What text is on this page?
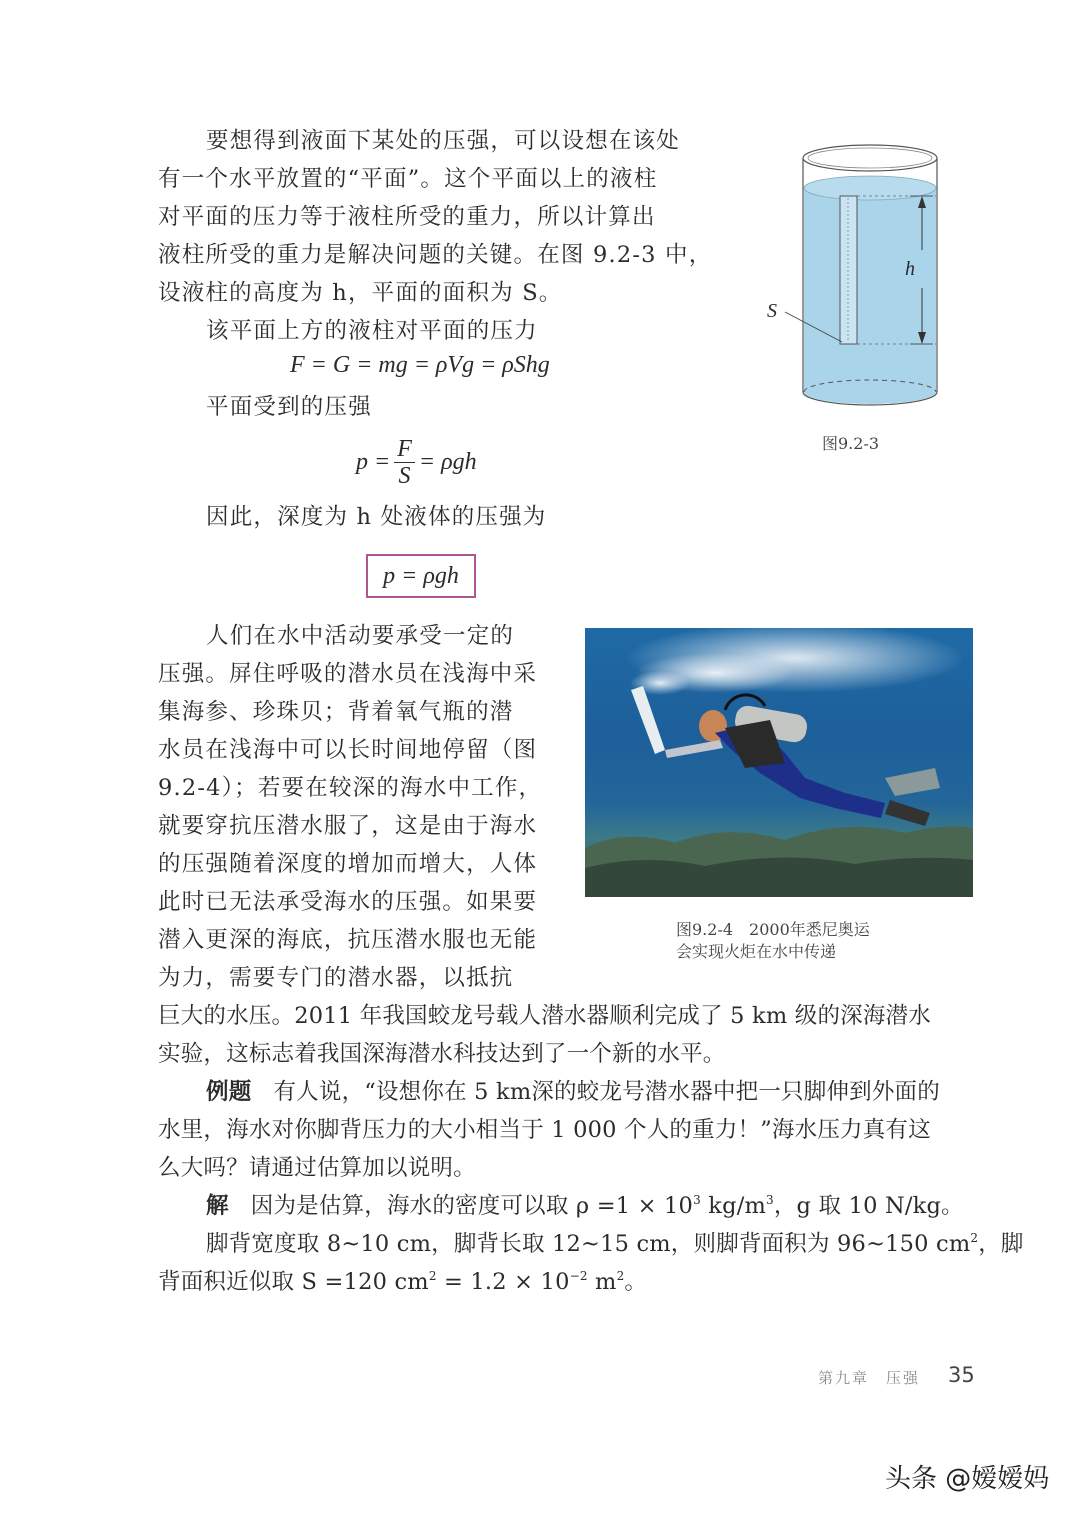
要想得到液面下某处的压强，可以设想在该处
有一个水平放置的“平面”。这个平面以上的液柱
对平面的压力等于液柱所受的重力，所以计算出
液柱所受的重力是解决问题的关键。在图 9.2-3 中，
设液柱的高度为 h，平面的面积为 S。
该平面上方的液柱对平面的压力
F = G = mg = ρVg = ρShg
平面受到的压强
$p = \frac{F}{S} = \rho gh$
因此，深度为 h 处液体的压强为
p = ρgh
h
S
图9.2-3
人们在水中活动要承受一定的
压强。屏住呼吸的潜水员在浅海中采
集海参、珍珠贝；背着氧气瓶的潜
水员在浅海中可以长时间地停留（图
9.2-4）；若要在较深的海水中工作，
就要穿抗压潜水服了，这是由于海水
的压强随着深度的增加而增大，人体
此时已无法承受海水的压强。如果要
潜入更深的海底，抗压潜水服也无能
为力，需要专门的潜水器，以抵抗
巨大的水压。2011 年我国蛟龙号载人潜水器顺利完成了 5 km 级的深海潜水
实验，这标志着我国深海潜水科技达到了一个新的水平。
图9.2-4　2000年悉尼奥运
会实现火炬在水中传递
例题 有人说，“设想你在 5 km深的蛟龙号潜水器中把一只脚伸到外面的
水里，海水对你脚背压力的大小相当于 1 000 个人的重力！”海水压力真有这
么大吗？请通过估算加以说明。
解 因为是估算，海水的密度可以取 $\rho =1 \times 10^3$ $kg/m^3$，g 取 10 N/kg。
脚背宽度取 8~10 cm，脚背长取 12~15 cm，则脚背面积为 96~150 $cm^2$，脚
背面积近似取 S =120 $cm^2 = 1.2 \times 10^{-2}$ $m^2$。
第九章　压强 35
头条 @嫒嫒妈
